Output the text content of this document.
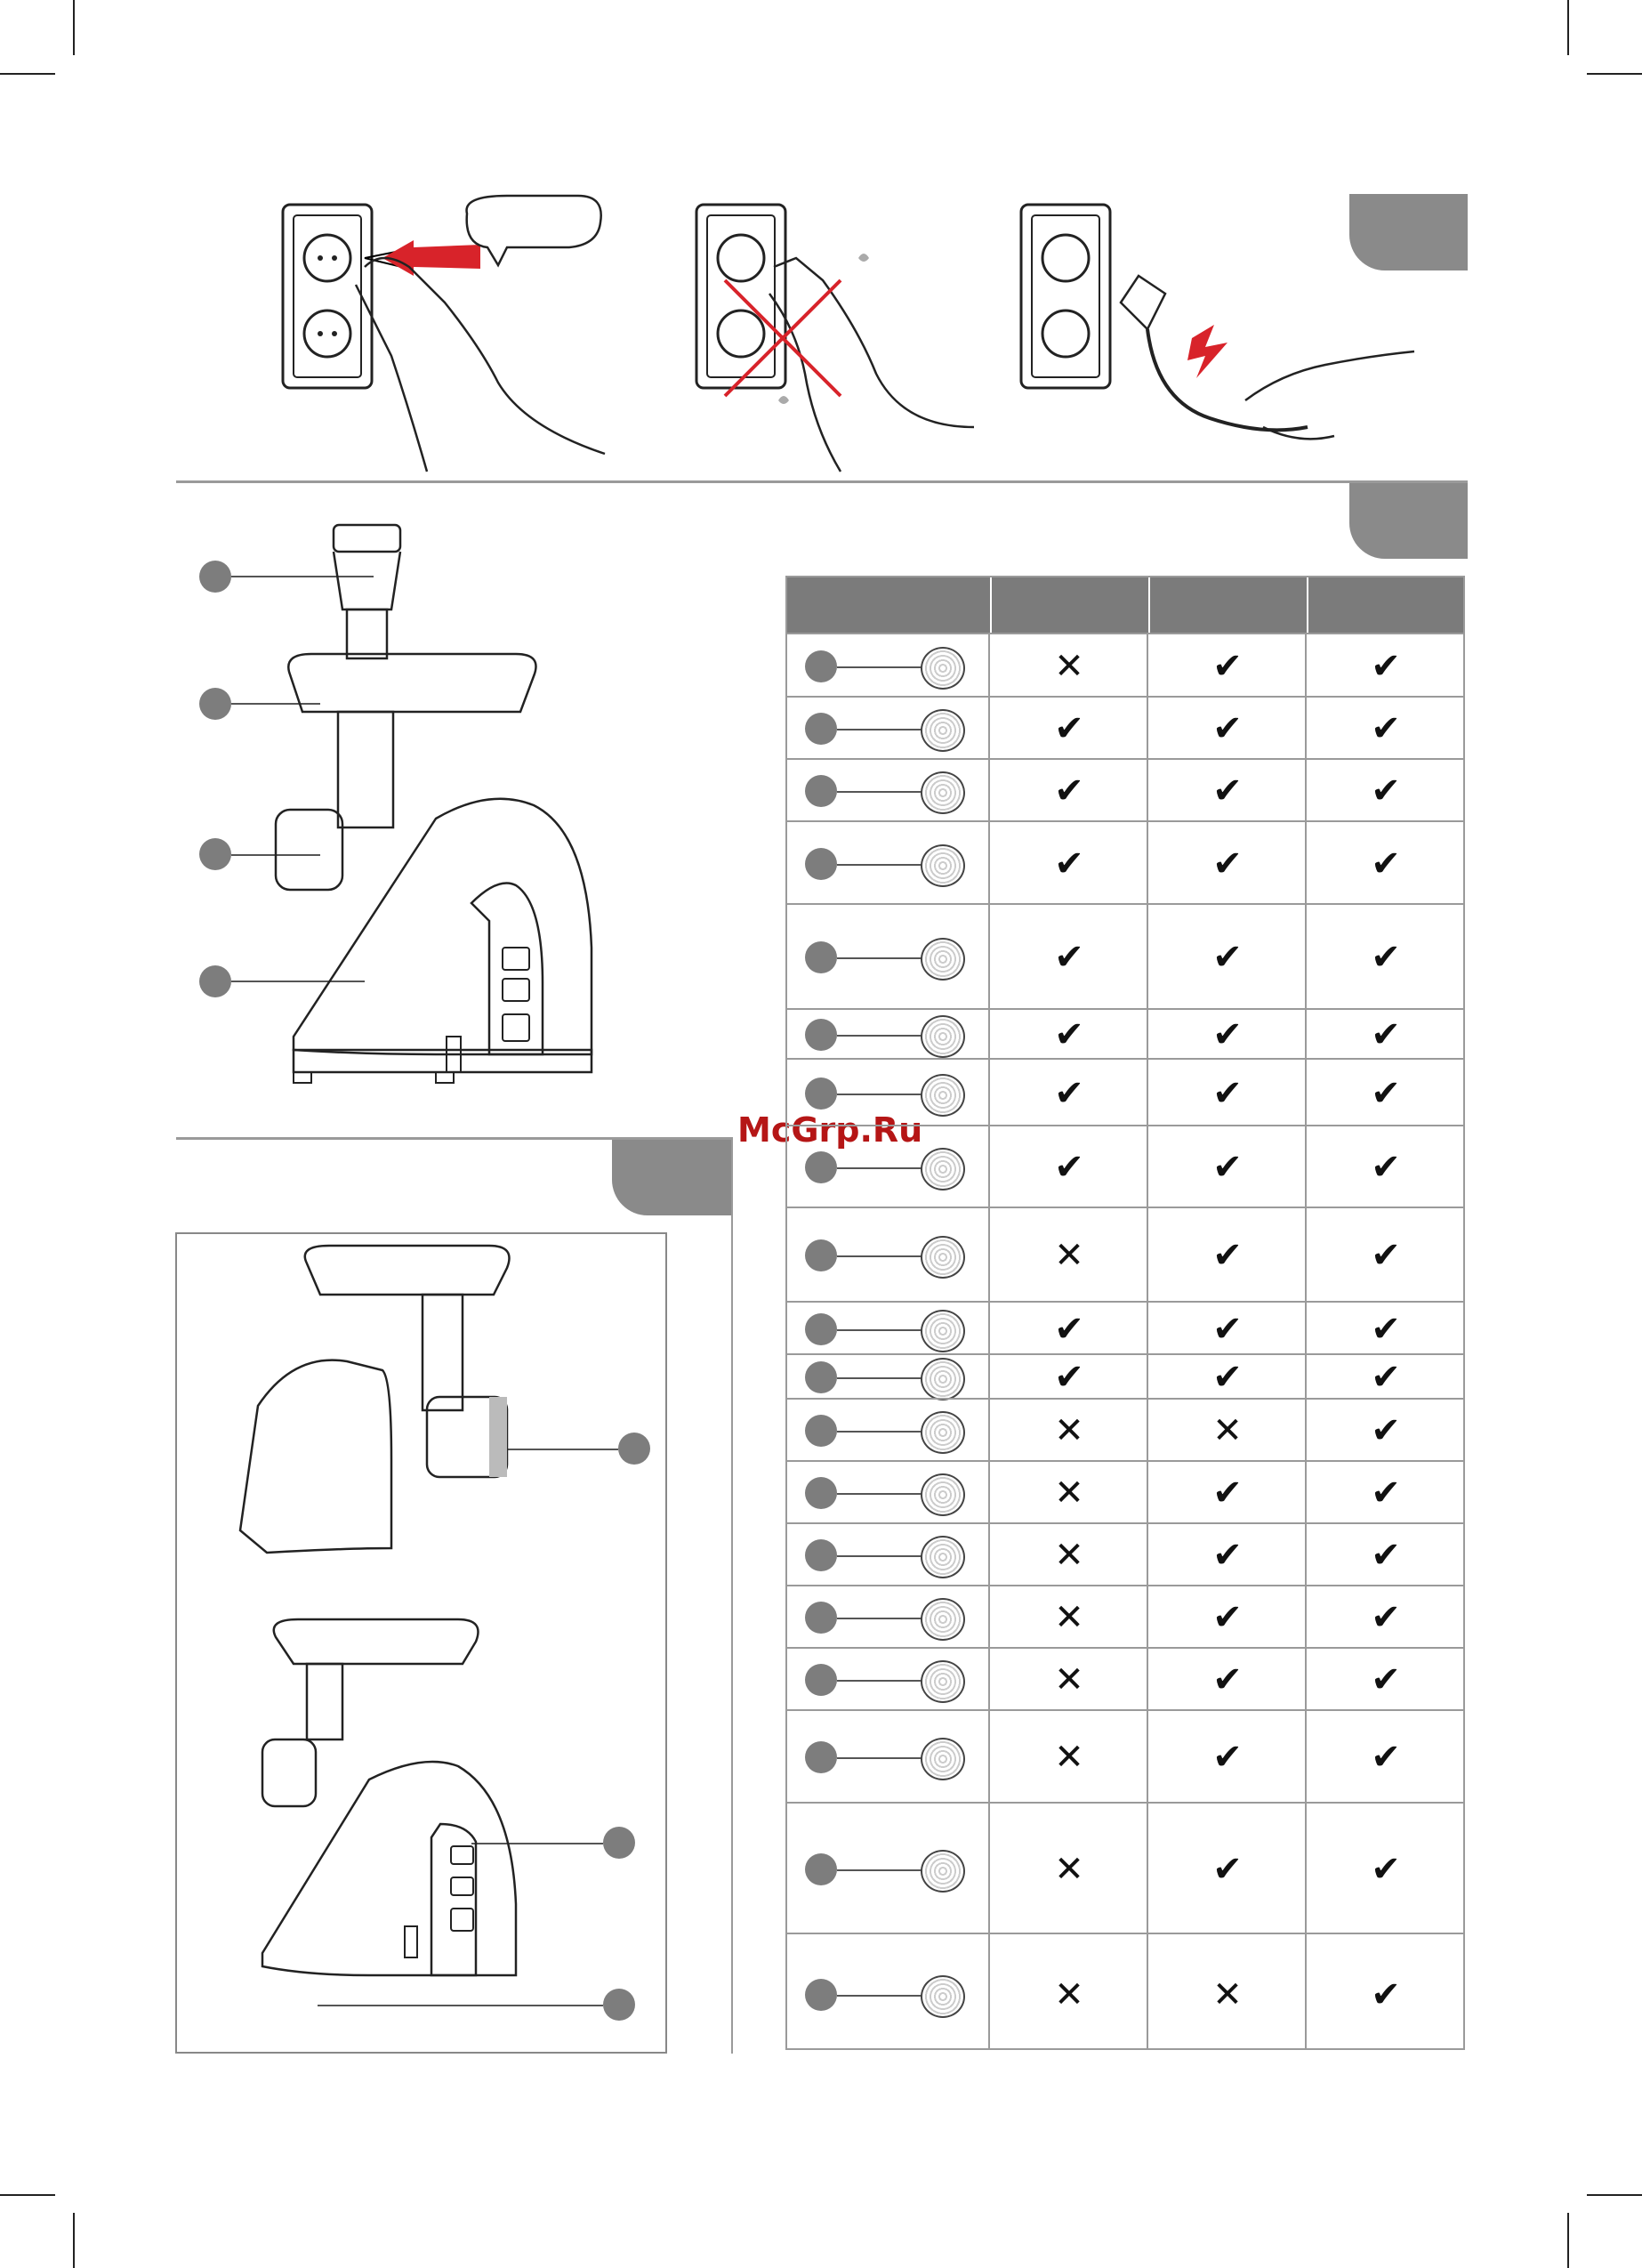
McGrp.Ru
✕	✔	✔
✔	✔	✔
✔	✔	✔
✔	✔	✔
✔	✔	✔
✔	✔	✔
✔	✔	✔
✔	✔	✔
✕	✔	✔
✔	✔	✔
✔	✔	✔
✕	✕	✔
✕	✔	✔
✕	✔	✔
✕	✔	✔
✕	✔	✔
✕	✔	✔
✕	✔	✔
✕	✕	✔
